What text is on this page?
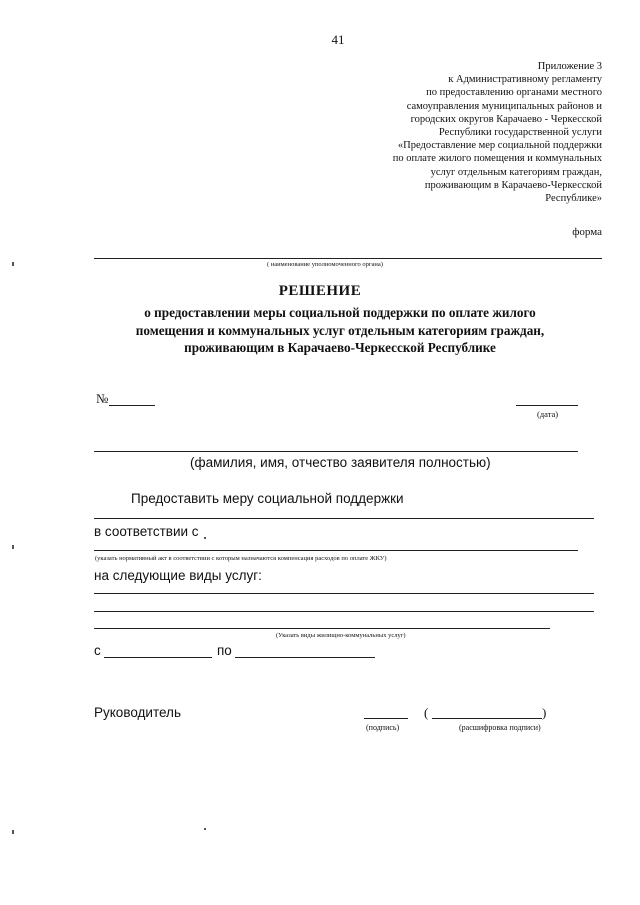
41
Приложение 3
к Административному регламенту
по предоставлению органами местного
самоуправления муниципальных районов и
городских округов Карачаево - Черкесской
Республики государственной услуги
«Предоставление мер социальной поддержки
по оплате жилого помещения и коммунальных
услуг отдельным категориям граждан,
проживающим в Карачаево-Черкесской
Республике»
форма
( наименование уполномоченного органа)
РЕШЕНИЕ
о предоставлении меры социальной поддержки по оплате жилого
помещения и коммунальных услуг отдельным категориям граждан,
проживающим в Карачаево-Черкесской Республике
№
(дата)
(фамилия, имя, отчество заявителя полностью)
Предоставить меру социальной поддержки
в соответствии с
(указать нормативный акт в соответствии с которым назначаются компенсация расходов по оплате ЖКУ)
на следующие виды услуг:
(Указать виды жилищно-коммунальных услуг)
с	по
Руководитель
(подпись)
(	)
(расшифровка подписи)
